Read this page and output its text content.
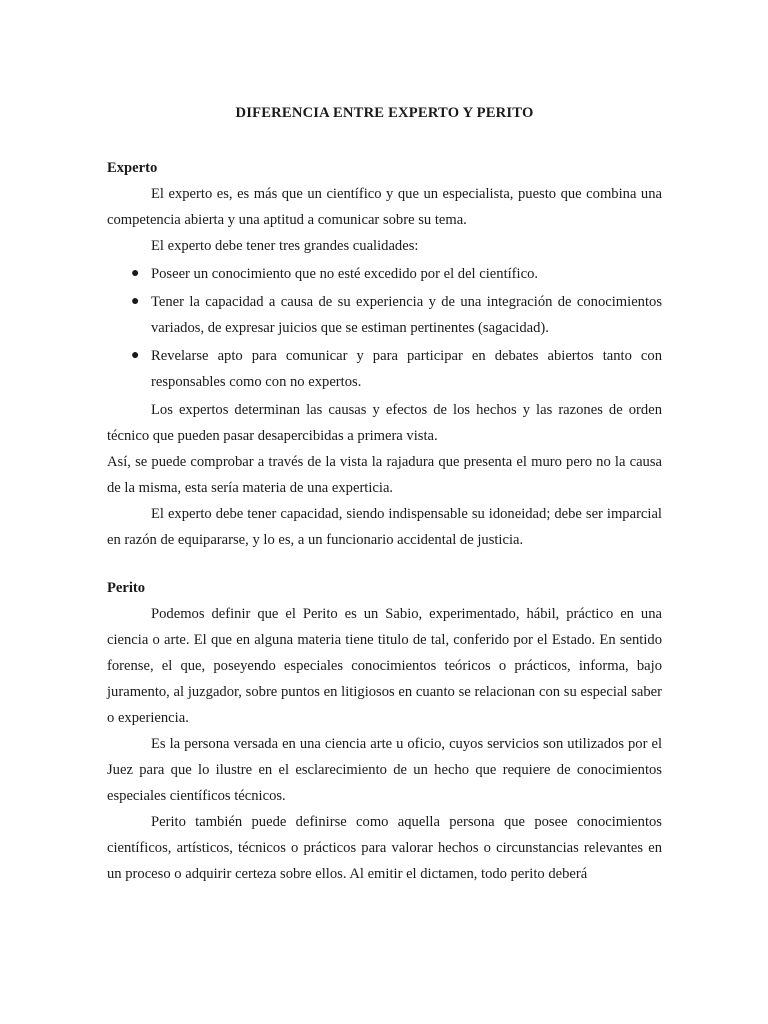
DIFERENCIA ENTRE EXPERTO Y PERITO
Experto

El experto es, es más que un científico y que un especialista, puesto que combina una competencia abierta y una aptitud a comunicar sobre su tema.

El experto debe tener tres grandes cualidades:

● Poseer un conocimiento que no esté excedido por el del científico.
● Tener la capacidad a causa de su experiencia y de una integración de conocimientos variados, de expresar juicios que se estiman pertinentes (sagacidad).
● Revelarse apto para comunicar y para participar en debates abiertos tanto con responsables como con no expertos.

Los expertos determinan las causas y efectos de los hechos y las razones de orden técnico que pueden pasar desapercibidas a primera vista.

Así, se puede comprobar a través de la vista la rajadura que presenta el muro pero no la causa de la misma, esta sería materia de una experticia.

El experto debe tener capacidad, siendo indispensable su idoneidad; debe ser imparcial en razón de equipararse, y lo es, a un funcionario accidental de justicia.

Perito

Podemos definir que el Perito es un Sabio, experimentado, hábil, práctico en una ciencia o arte. El que en alguna materia tiene titulo de tal, conferido por el Estado. En sentido forense, el que, poseyendo especiales conocimientos teóricos o prácticos, informa, bajo juramento, al juzgador, sobre puntos en litigiosos en cuanto se relacionan con su especial saber o experiencia.

Es la persona versada en una ciencia arte u oficio, cuyos servicios son utilizados por el Juez para que lo ilustre en el esclarecimiento de un hecho que requiere de conocimientos especiales científicos técnicos.

Perito también puede definirse como aquella persona que posee conocimientos científicos, artísticos, técnicos o prácticos para valorar hechos o circunstancias relevantes en un proceso o adquirir certeza sobre ellos. Al emitir el dictamen, todo perito deberá
